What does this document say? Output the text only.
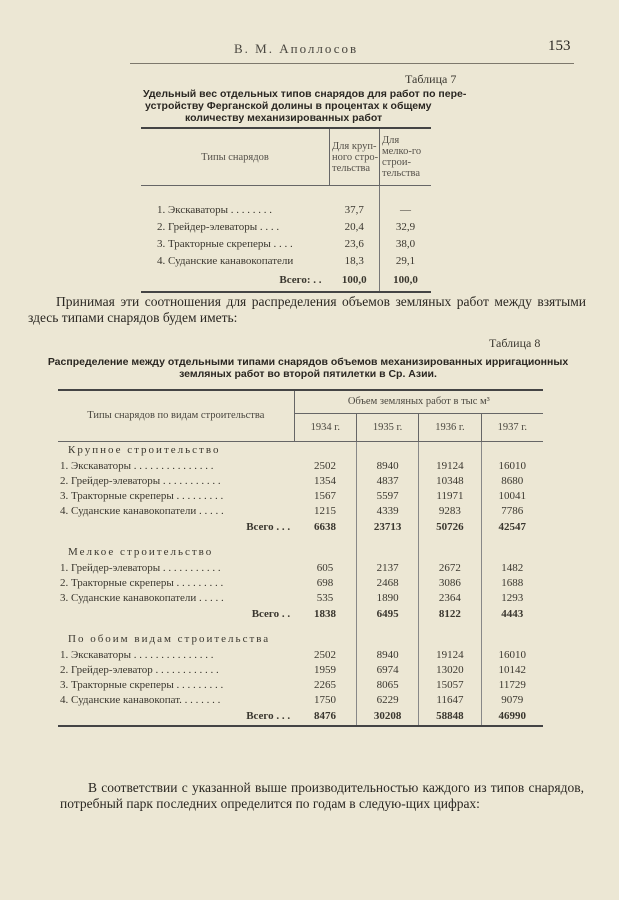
В. М. Аполлосов	153
Таблица 7
Удельный вес отдельных типов снарядов для работ по пере-
устройству Ферганской долины в процентах к общему
количеству механизированных работ
Типы снарядов	Для круп-ного стро-тельства	Для мелко-го строи-тельства

1. Экскаваторы . . . . . . . .	37,7	—
2. Грейдер-элеваторы . . . .	20,4	32,9
3. Тракторные скреперы . . . .	23,6	38,0
4. Суданские канавокопатели	18,3	29,1
Всего: . .	100,0	100,0
Принимая эти соотношения для распределения объемов земляных работ между взятыми здесь типами снарядов будем иметь:
Таблица 8
Распределение между отдельными типами снарядов объемов механизированных ирригационных
земляных работ во второй пятилетки в Ср. Азии.
Типы снарядов по видам строительства	Объем земляных работ в тыс м³			
	1934 г.	1935 г.	1936 г.	1937 г.
Крупное строительство				
1. Экскаваторы . . . . . . . . . . . . . . .	2502	8940	19124	16010
2. Грейдер-элеваторы . . . . . . . . . . .	1354	4837	10348	8680
3. Тракторные скреперы . . . . . . . . .	1567	5597	11971	10041
4. Суданские канавокопатели . . . . .	1215	4339	9283	7786
Всего . . .	6638	23713	50726	42547

Мелкое строительство				
1. Грейдер-элеваторы . . . . . . . . . . .	605	2137	2672	1482
2. Тракторные скреперы . . . . . . . . .	698	2468	3086	1688
3. Суданские канавокопатели . . . . .	535	1890	2364	1293
Всего . .	1838	6495	8122	4443

По обоим видам строительства				
1. Экскаваторы . . . . . . . . . . . . . . .	2502	8940	19124	16010
2. Грейдер-элеватор . . . . . . . . . . . .	1959	6974	13020	10142
3. Тракторные скреперы . . . . . . . . .	2265	8065	15057	11729
4. Суданские канавокопат. . . . . . . .	1750	6229	11647	9079
Всего . . .	8476	30208	58848	46990
В соответствии с указанной выше производительностью каждого из типов снарядов, потребный парк последних определится по годам в следую-щих цифрах:
